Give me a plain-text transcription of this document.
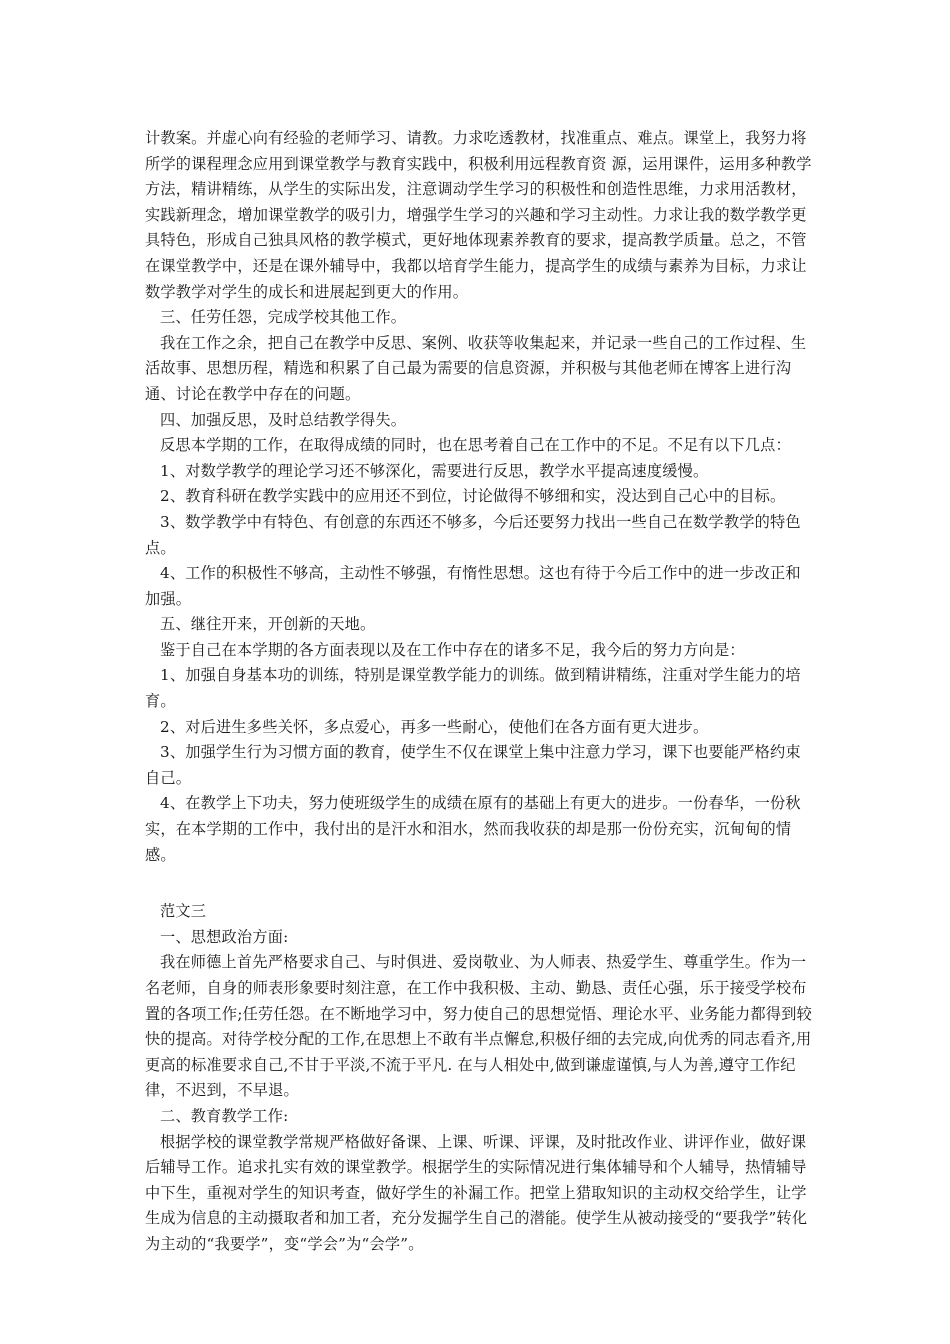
计教案。并虚心向有经验的老师学习、请教。力求吃透教材，找准重点、难点。课堂上，我努力将所学的课程理念应用到课堂教学与教育实践中，积极利用远程教育资 源，运用课件，运用多种教学方法，精讲精练，从学生的实际出发，注意调动学生学习的积极性和创造性思维，力求用活教材，实践新理念，增加课堂教学的吸引力，增强学生学习的兴趣和学习主动性。力求让我的数学教学更具特色，形成自己独具风格的教学模式，更好地体现素养教育的要求，提高教学质量。总之，不管在课堂教学中，还是在课外辅导中，我都以培育学生能力，提高学生的成绩与素养为目标，力求让数学教学对学生的成长和进展起到更大的作用。

三、任劳任怨，完成学校其他工作。

我在工作之余，把自己在教学中反思、案例、收获等收集起来，并记录一些自己的工作过程、生活故事、思想历程，精选和积累了自己最为需要的信息资源，并积极与其他老师在博客上进行沟通、讨论在教学中存在的问题。

四、加强反思，及时总结教学得失。

反思本学期的工作，在取得成绩的同时，也在思考着自己在工作中的不足。不足有以下几点：

1、对数学教学的理论学习还不够深化，需要进行反思，教学水平提高速度缓慢。

2、教育科研在教学实践中的应用还不到位，讨论做得不够细和实，没达到自己心中的目标。

3、数学教学中有特色、有创意的东西还不够多，今后还要努力找出一些自己在数学教学的特色点。

4、工作的积极性不够高，主动性不够强，有惰性思想。这也有待于今后工作中的进一步改正和加强。

五、继往开来，开创新的天地。

鉴于自己在本学期的各方面表现以及在工作中存在的诸多不足，我今后的努力方向是：

1、加强自身基本功的训练，特别是课堂教学能力的训练。做到精讲精练，注重对学生能力的培育。

2、对后进生多些关怀，多点爱心，再多一些耐心，使他们在各方面有更大进步。

3、加强学生行为习惯方面的教育，使学生不仅在课堂上集中注意力学习，课下也要能严格约束自己。

4、在教学上下功夫，努力使班级学生的成绩在原有的基础上有更大的进步。一份春华，一份秋实，在本学期的工作中，我付出的是汗水和泪水，然而我收获的却是那一份份充实，沉甸甸的情感。

范文三

一、思想政治方面:

我在师德上首先严格要求自己、与时俱进、爱岗敬业、为人师表、热爱学生、尊重学生。作为一名老师，自身的师表形象要时刻注意，在工作中我积极、主动、勤恳、责任心强，乐于接受学校布置的各项工作;任劳任怨。在不断地学习中，努力使自己的思想觉悟、理论水平、业务能力都得到较快的提高。对待学校分配的工作,在思想上不敢有半点懈怠,积极仔细的去完成,向优秀的同志看齐,用更高的标准要求自己,不甘于平淡,不流于平凡. 在与人相处中,做到谦虚谨慎,与人为善,遵守工作纪律，不迟到，不早退。

二、教育教学工作:

根据学校的课堂教学常规严格做好备课、上课、听课、评课，及时批改作业、讲评作业，做好课后辅导工作。追求扎实有效的课堂教学。根据学生的实际情况进行集体辅导和个人辅导，热情辅导中下生，重视对学生的知识考查，做好学生的补漏工作。把堂上猎取知识的主动权交给学生，让学生成为信息的主动摄取者和加工者，充分发掘学生自己的潜能。使学生从被动接受的“要我学”转化为主动的“我要学”，变“学会”为“会学”。
